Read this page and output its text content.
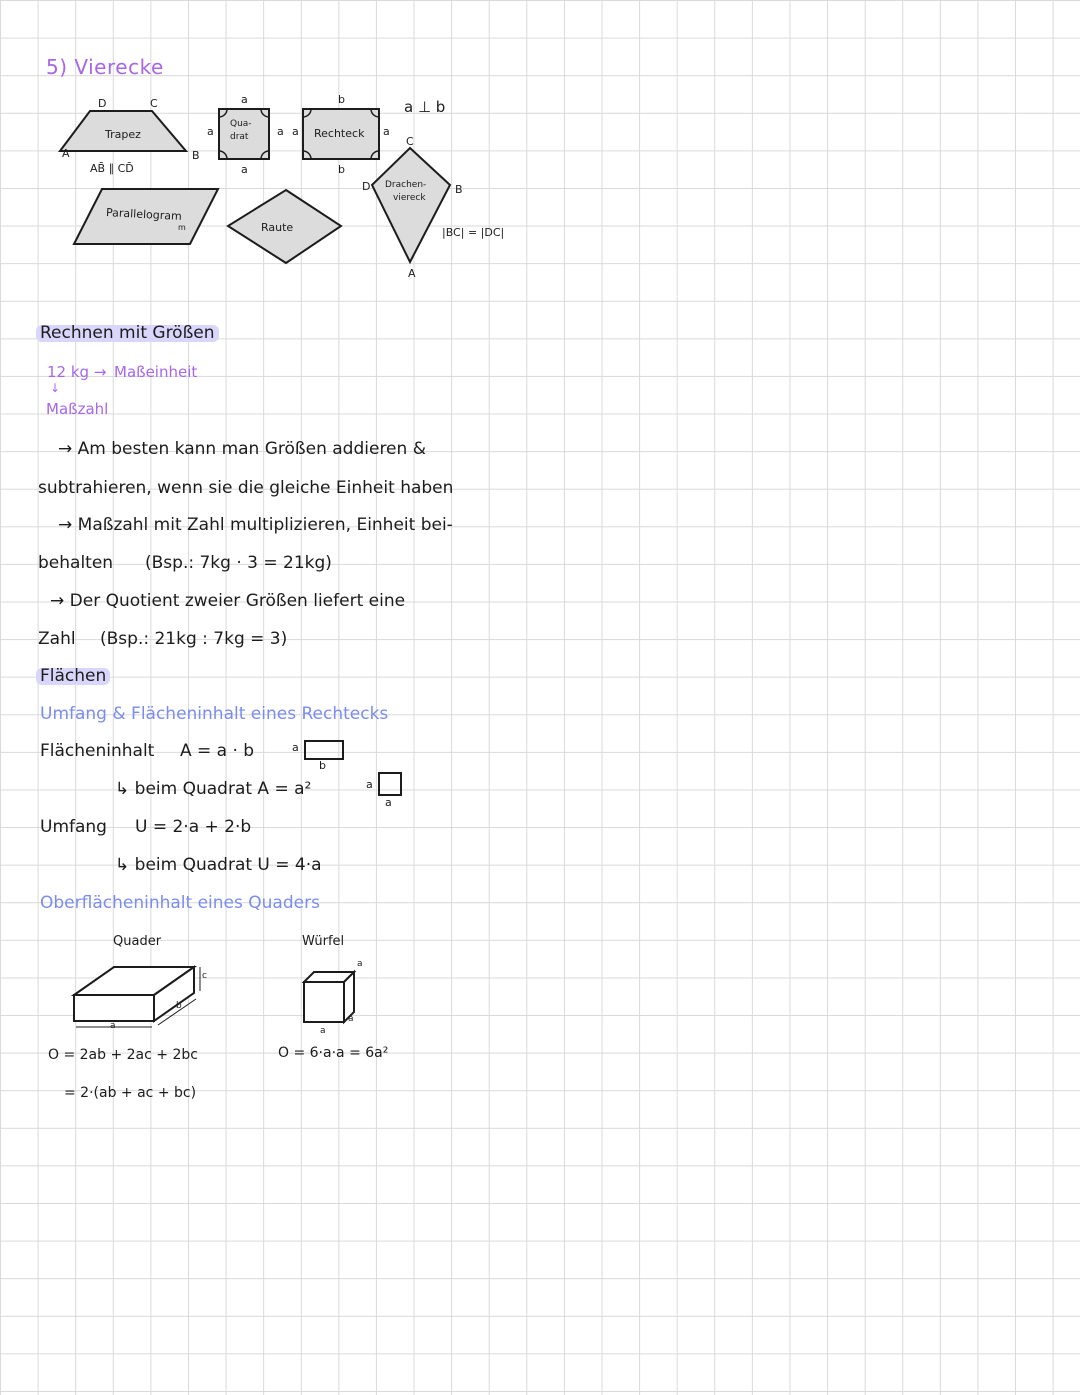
5) Vierecke
Trapez
A	B
C
D
AB̄ ∥ CD̄
Qua-
drat
a
a	a
a
Rechteck
b
a	a
b
a ⊥ b
Drachen-
viereck
C
D	B
A
|BC| = |DC|
Parallelogram
m	Raute
Rechnen mit Größen
12 kg → Maßeinheit
↓
Maßzahl
→ Am besten kann man Größen addieren &
subtrahieren, wenn sie die gleiche Einheit haben
→ Maßzahl mit Zahl multiplizieren, Einheit bei-
behalten (Bsp.: 7kg · 3 = 21kg)
→ Der Quotient zweier Größen liefert eine
Zahl (Bsp.: 21kg : 7kg = 3)
Flächen
Umfang & Flächeninhalt eines Rechtecks
Flächeninhalt A = a · b	a
b
↳ beim Quadrat A = a²	a
a
Umfang U = 2·a + 2·b
↳ beim Quadrat U = 4·a
Oberflächeninhalt eines Quaders
Quader	Würfel
a
b
c
a
a
a
O = 2ab + 2ac + 2bc
= 2·(ab + ac + bc)
O = 6·a·a = 6a²
